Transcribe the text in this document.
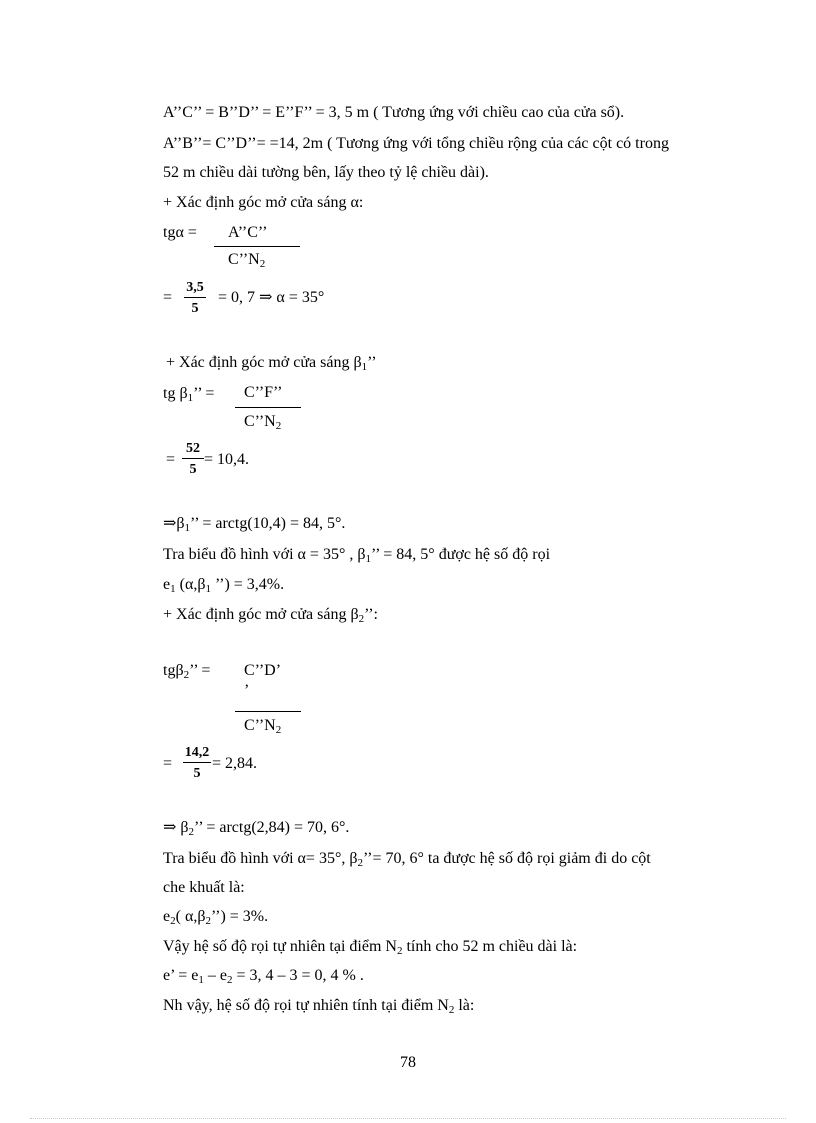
A’’C’’ = B’’D’’ = E’’F’’ = 3, 5 m ( Tương ứng với chiều cao của cửa sổ).
A’’B’’= C’’D’’= =14, 2m ( Tương ứng với tổng chiều rộng của các cột có trong
52 m chiều dài tường bên, lấy theo tỷ lệ chiều dài).
+ Xác định góc mở cửa sáng α:
tgα = A’’C’’
$C’’N_2$
=
3,5
5
= 0, 7 ⇒ α = 35°
+ Xác định góc mở cửa sáng $\beta_1$’’
tg $\beta_1$’’ = C’’F’’
$C’’N_2$
=
52
5
= 10,4.
$\Rightarrow\beta_1$’’ = arctg(10,4) = 84, 5°.
Tra biểu đồ hình với α = 35° , $\beta_1$’’ = 84, 5° được hệ số độ rọi
$e_1$ ($\alpha,\beta_1$ ’’) = 3,4%.
+ Xác định góc mở cửa sáng $\beta_2$’’:
tgβ$_2$’’ = C’’D’
’
$C’’N_2$
=
14,2
5
= 2,84.
⇒ $\beta_2$’’ = arctg(2,84) = 70, 6°.
Tra biểu đồ hình với α= 35°, $\beta_2’’= 70$, 6° ta được hệ số độ rọi giảm đi do cột
che khuất là:
$e_2$( $\alpha,\beta_2’’) = 3\%$.
Vậy hệ số độ rọi tự nhiên tại điểm $N_2$ tính cho 52 m chiều dài là:
e’ = $e_1 - e_2 = 3$, 4 – 3 = 0, 4 % .
Nh vậy, hệ số độ rọi tự nhiên tính tại điểm $N_2$ là:
78
